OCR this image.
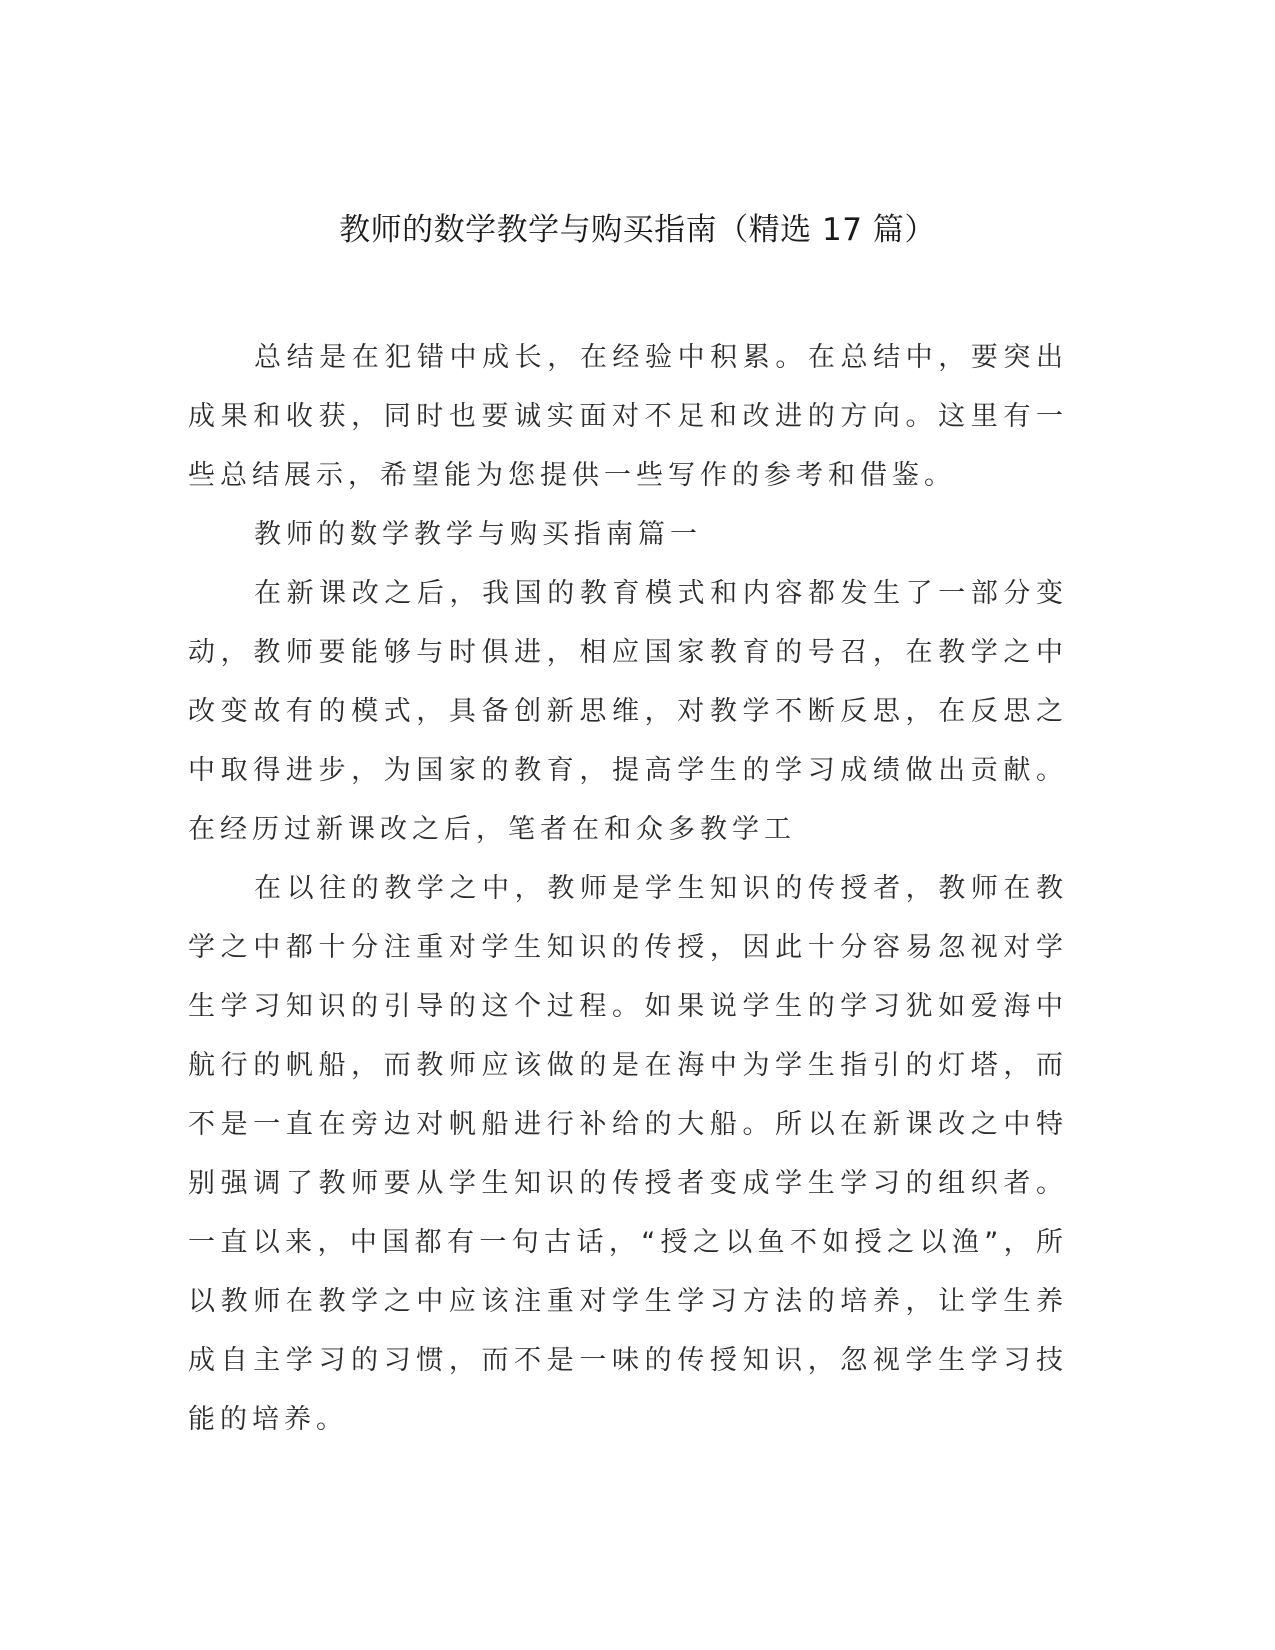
教师的数学教学与购买指南（精选 17 篇）

总结是在犯错中成长，在经验中积累。在总结中，要突出成果和收获，同时也要诚实面对不足和改进的方向。这里有一些总结展示，希望能为您提供一些写作的参考和借鉴。

教师的数学教学与购买指南篇一

在新课改之后，我国的教育模式和内容都发生了一部分变动，教师要能够与时俱进，相应国家教育的号召，在教学之中改变故有的模式，具备创新思维，对教学不断反思，在反思之中取得进步，为国家的教育，提高学生的学习成绩做出贡献。在经历过新课改之后，笔者在和众多教学工

在以往的教学之中，教师是学生知识的传授者，教师在教学之中都十分注重对学生知识的传授，因此十分容易忽视对学生学习知识的引导的这个过程。如果说学生的学习犹如爱海中航行的帆船，而教师应该做的是在海中为学生指引的灯塔，而不是一直在旁边对帆船进行补给的大船。所以在新课改之中特别强调了教师要从学生知识的传授者变成学生学习的组织者。一直以来，中国都有一句古话，“授之以鱼不如授之以渔”，所以教师在教学之中应该注重对学生学习方法的培养，让学生养成自主学习的习惯，而不是一味的传授知识，忽视学生学习技能的培养。
